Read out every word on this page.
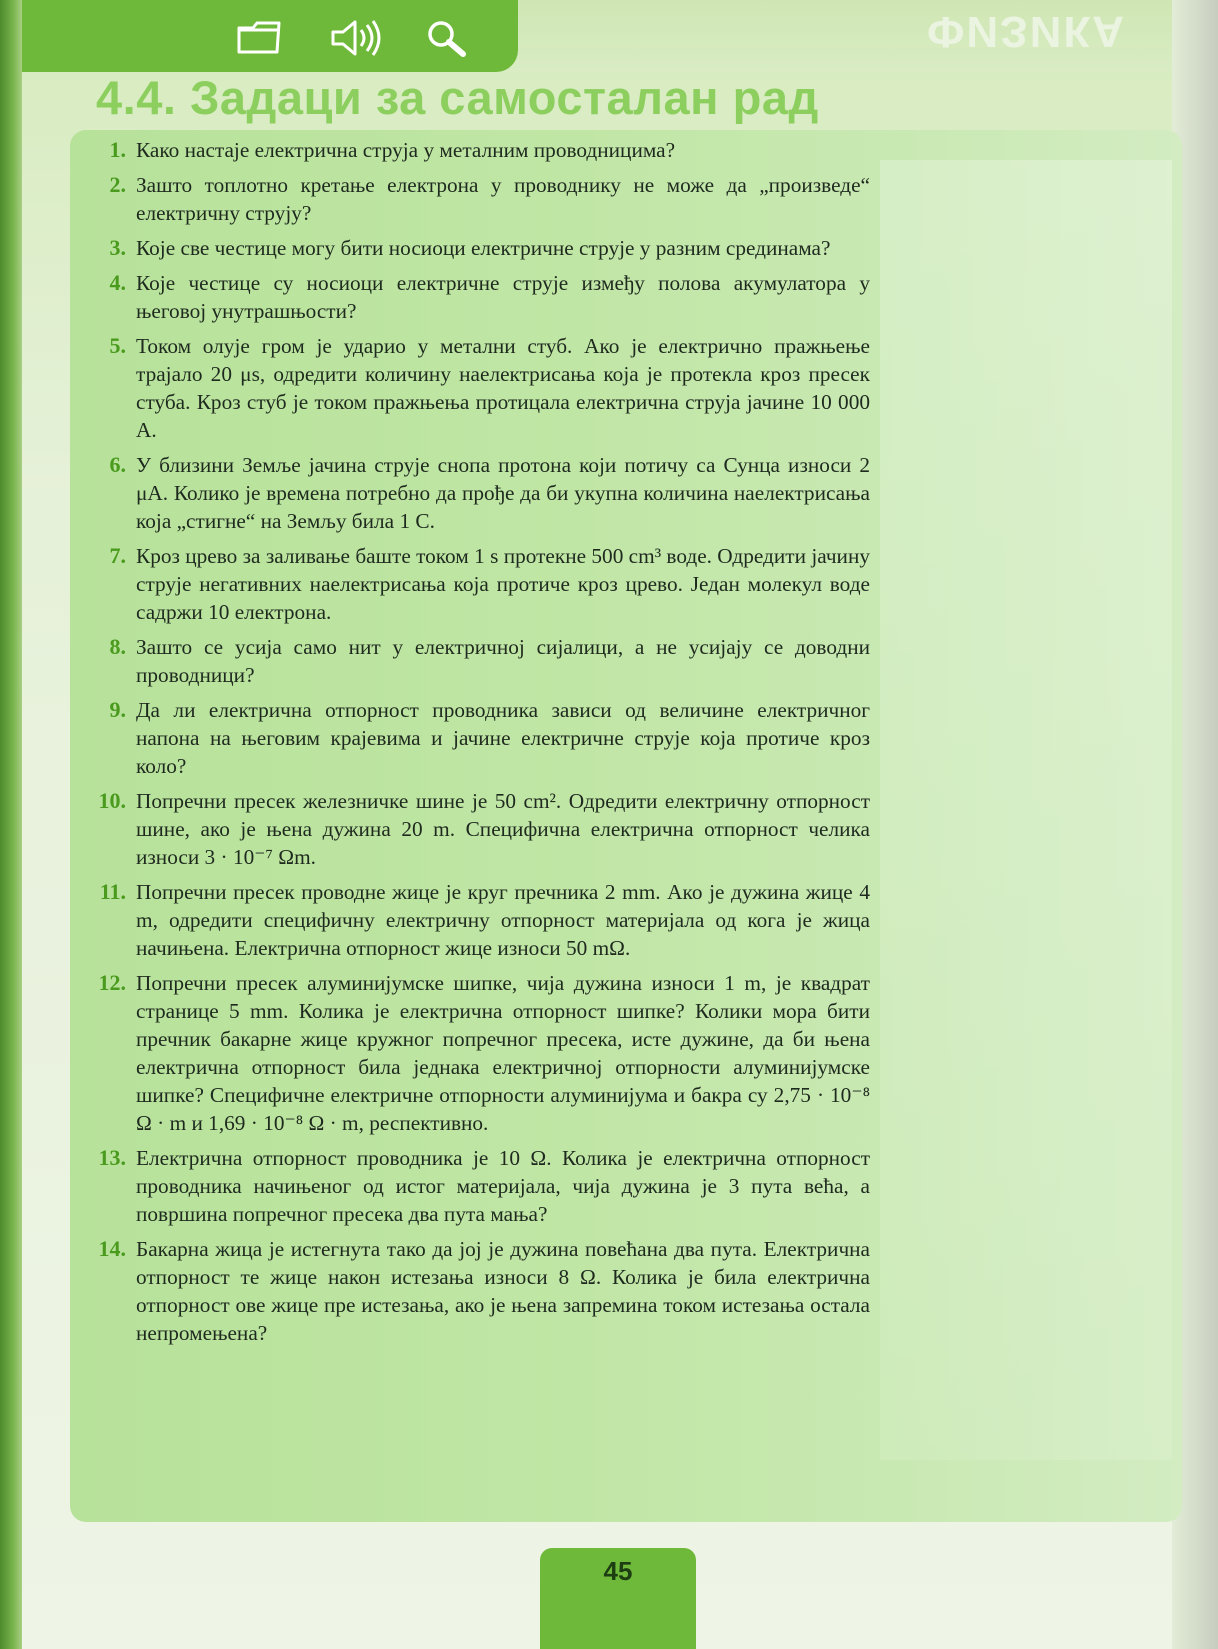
ФИЗИКА
4.4. Задаци за самосталан рад
1. Како настаје електрична струја у металним проводницима?
2. Зашто топлотно кретање електрона у проводнику не може да „произведе“ електричну струју?
3. Које све честице могу бити носиоци електричне струје у разним срединама?
4. Које честице су носиоци електричне струје између полова акумулатора у његовој унутрашњости?
5. Током олује гром је ударио у метални стуб. Ако је електрично пражњење трајало 20 μs, одредити количину наелектрисања која је протекла кроз пресек стуба. Кроз стуб је током пражњења протицала електрична струја јачине 10 000 A.
6. У близини Земље јачина струје снопа протона који потичу са Сунца износи 2 μA. Колико је времена потребно да прође да би укупна количина наелектрисања која „стигне“ на Земљу била 1 C.
7. Кроз црево за заливање баште током 1 s протекне 500 cm³ воде. Одредити јачину струје негативних наелектрисања која протиче кроз црево. Један молекул воде садржи 10 електрона.
8. Зашто се усија само нит у електричној сијалици, а не усијају се доводни проводници?
9. Да ли електрична отпорност проводника зависи од величине електричног напона на његовим крајевима и јачине електричне струје која протиче кроз коло?
10. Попречни пресек железничке шине је 50 cm². Одредити електричну отпорност шине, ако је њена дужина 20 m. Специфична електрична отпорност челика износи 3 · 10⁻⁷ Ωm.
11. Попречни пресек проводне жице је круг пречника 2 mm. Ако је дужина жице 4 m, одредити специфичну електричну отпорност материјала од кога је жица начињена. Електрична отпорност жице износи 50 mΩ.
12. Попречни пресек алуминијумске шипке, чија дужина износи 1 m, је квадрат странице 5 mm. Колика је електрична отпорност шипке? Колики мора бити пречник бакарне жице кружног попречног пресека, исте дужине, да би њена електрична отпорност била једнака електричној отпорности алуминијумске шипке? Специфичне електричне отпорности алуминијума и бакра су 2,75 · 10⁻⁸ Ω · m и 1,69 · 10⁻⁸ Ω · m, респективно.
13. Електрична отпорност проводника је 10 Ω. Колика је електрична отпорност проводника начињеног од истог материјала, чија дужина је 3 пута већа, а површина попречног пресека два пута мања?
14. Бакарна жица је истегнута тако да јој је дужина повећана два пута. Електрична отпорност те жице након истезања износи 8 Ω. Колика је била електрична отпорност ове жице пре истезања, ако је њена запремина током истезања остала непромењена?
45
